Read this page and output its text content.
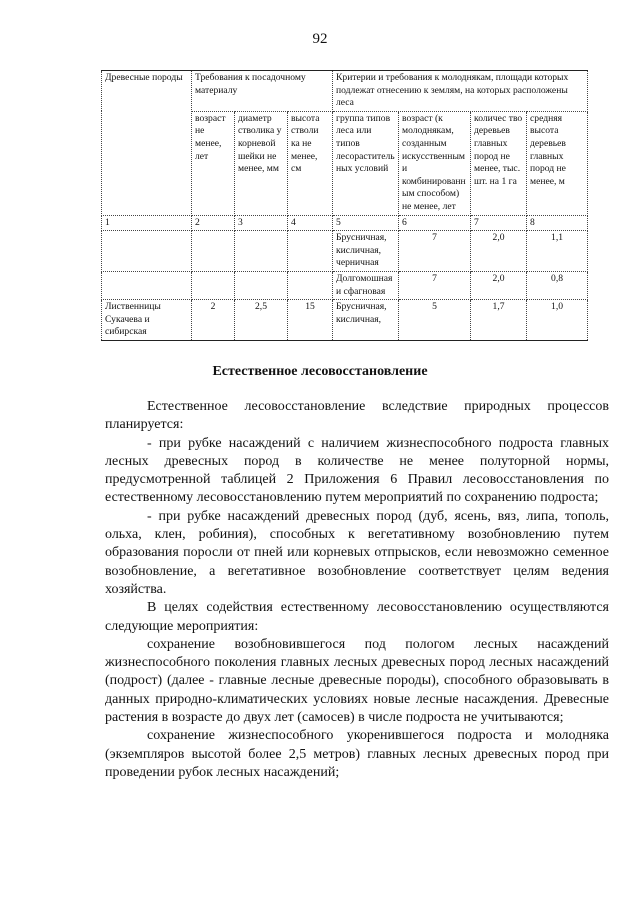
92
Древесные породы	Требования к посадочному материалу			Критерии и требования к молоднякам, площади которых подлежат отнесению к землям, на которых расположены леса			
	возраст не менее, лет	диаметр стволика у корневой шейки не менее, мм	высота стволи ка не менее, см	группа типов леса или типов лесораститель ных условий	возраст (к молоднякам, созданным искусственным и комбинированн ым способом) не менее, лет	количес тво деревьев главных пород не менее, тыс. шт. на 1 га	средняя высота деревьев главных пород не менее, м
1	2	3	4	5	6	7	8
				Брусничная, кисличная, черничная	7	2,0	1,1
				Долгомошная и сфагновая	7	2,0	0,8
Лиственницы Сукачева и сибирская	2	2,5	15	Брусничная, кисличная,	5	1,7	1,0
Естественное лесовосстановление

Естественное лесовосстановление вследствие природных процессов планируется:

- при рубке насаждений с наличием жизнеспособного подроста главных лесных древесных пород в количестве не менее полуторной нормы, предусмотренной таблицей 2 Приложения 6 Правил лесовосстановления по естественному лесовосстановлению путем мероприятий по сохранению подроста;

- при рубке насаждений древесных пород (дуб, ясень, вяз, липа, тополь, ольха, клен, робиния), способных к вегетативному возобновлению путем образования поросли от пней или корневых отпрысков, если невозможно семенное возобновление, а вегетативное возобновление соответствует целям ведения хозяйства.

В целях содействия естественному лесовосстановлению осуществляются следующие мероприятия:

сохранение возобновившегося под пологом лесных насаждений жизнеспособного поколения главных лесных древесных пород лесных насаждений (подрост) (далее - главные лесные древесные породы), способного образовывать в данных природно-климатических условиях новые лесные насаждения. Древесные растения в возрасте до двух лет (самосев) в числе подроста не учитываются;

сохранение жизнеспособного укоренившегося подроста и молодняка (экземпляров высотой более 2,5 метров) главных лесных древесных пород при проведении рубок лесных насаждений;
